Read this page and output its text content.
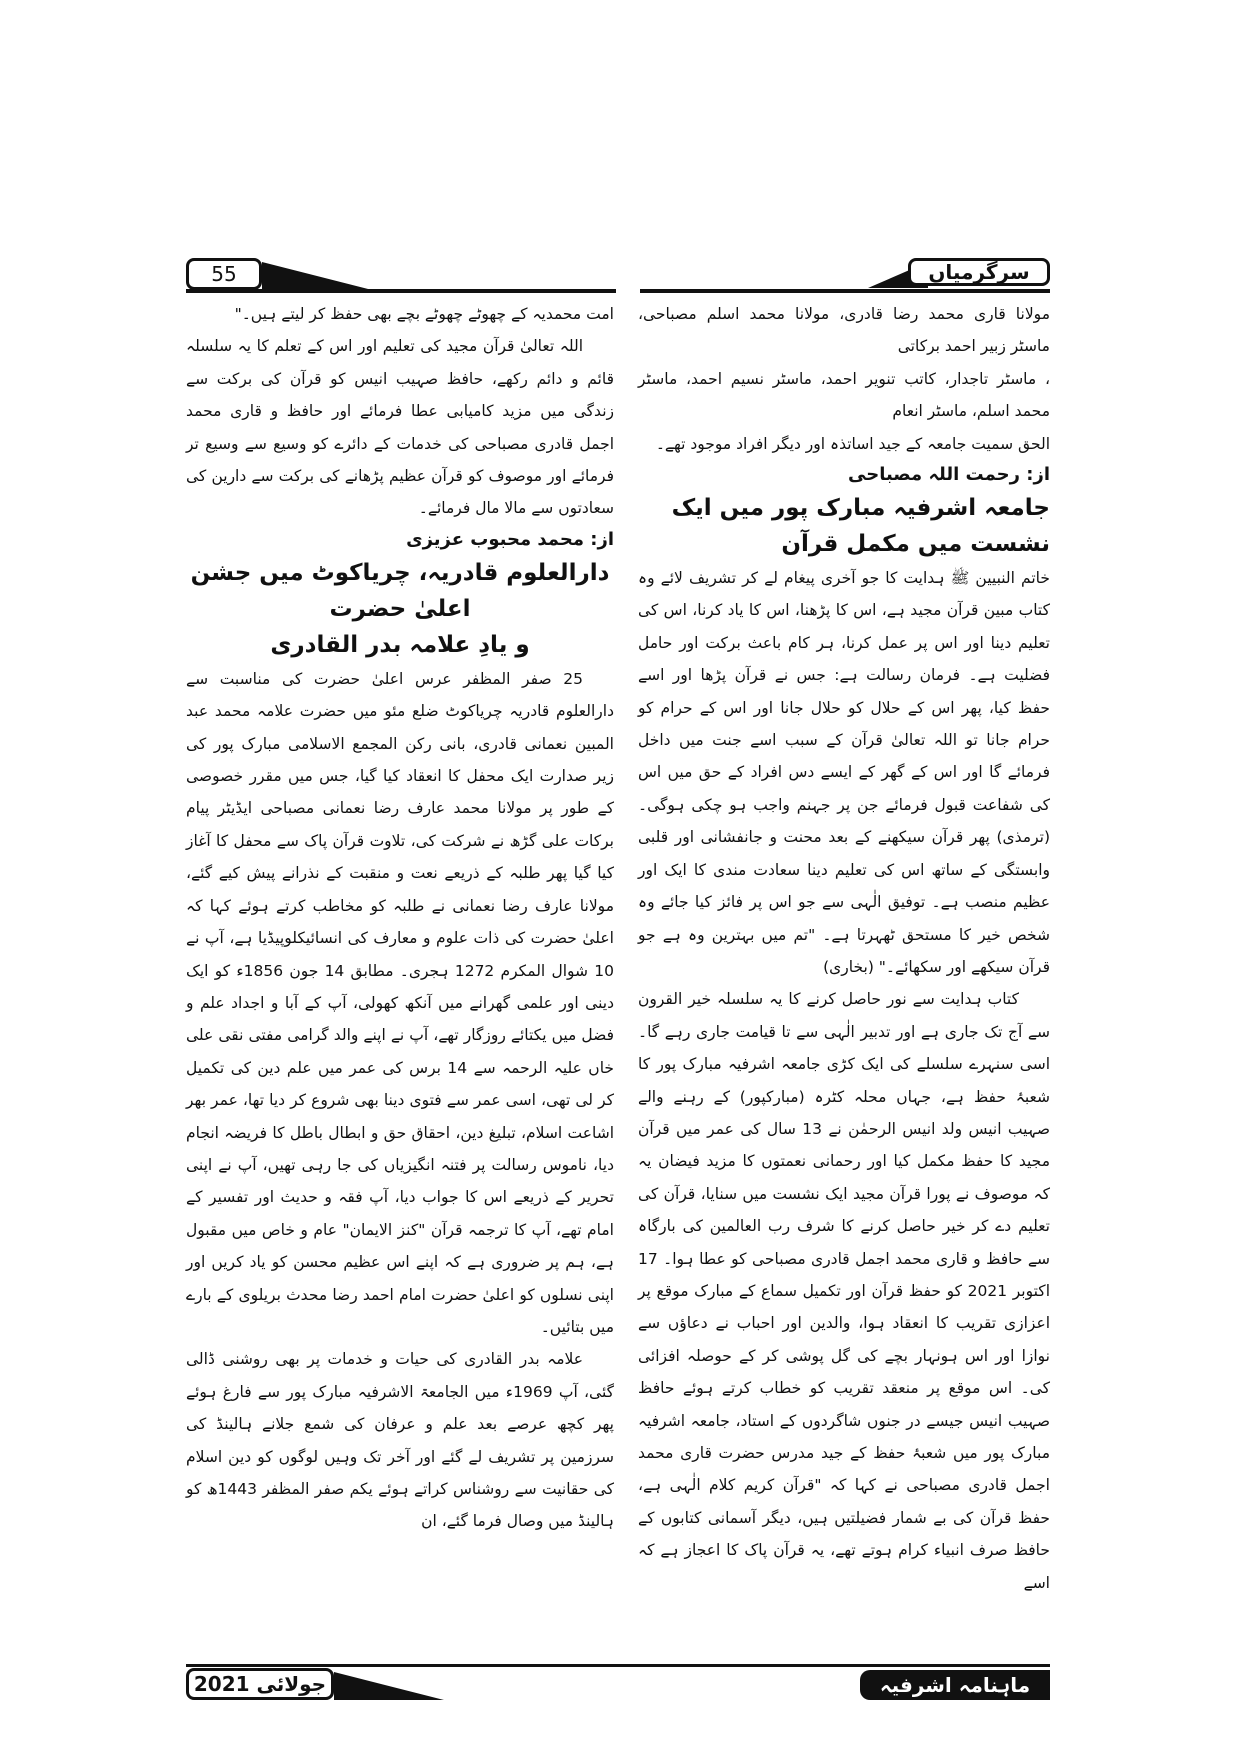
سرگرمیاں
55

مولانا قاری محمد رضا قادری، مولانا محمد اسلم مصباحی، ماسٹر زبیر احمد برکاتی

، ماسٹر تاجدار، کاتب تنویر احمد، ماسٹر نسیم احمد، ماسٹر محمد اسلم، ماسٹر انعام

الحق سمیت جامعہ کے جید اساتذہ اور دیگر افراد موجود تھے۔

از: رحمت اللہ مصباحی

جامعہ اشرفیہ مبارک پور میں ایک نشست میں مکمل قرآن

خاتم النبیین ﷺ ہدایت کا جو آخری پیغام لے کر تشریف لائے وہ کتاب مبین قرآن مجید ہے، اس کا پڑھنا، اس کا یاد کرنا، اس کی تعلیم دینا اور اس پر عمل کرنا، ہر کام باعث برکت اور حامل فضلیت ہے۔ فرمان رسالت ہے: جس نے قرآن پڑھا اور اسے حفظ کیا، پھر اس کے حلال کو حلال جانا اور اس کے حرام کو حرام جانا تو اللہ تعالیٰ قرآن کے سبب اسے جنت میں داخل فرمائے گا اور اس کے گھر کے ایسے دس افراد کے حق میں اس کی شفاعت قبول فرمائے جن پر جہنم واجب ہو چکی ہوگی۔ (ترمذی) پھر قرآن سیکھنے کے بعد محنت و جانفشانی اور قلبی وابستگی کے ساتھ اس کی تعلیم دینا سعادت مندی کا ایک اور عظیم منصب ہے۔ توفیق الٰہی سے جو اس پر فائز کیا جائے وہ شخص خیر کا مستحق ٹھہرتا ہے۔ "تم میں بہترین وہ ہے جو قرآن سیکھے اور سکھائے۔" (بخاری)

کتاب ہدایت سے نور حاصل کرنے کا یہ سلسلہ خیر القرون سے آج تک جاری ہے اور تدبیر الٰہی سے تا قیامت جاری رہے گا۔ اسی سنہرے سلسلے کی ایک کڑی جامعہ اشرفیہ مبارک پور کا شعبۂ حفظ ہے، جہاں محلہ کٹرہ (مبارکپور) کے رہنے والے صہیب انیس ولد انیس الرحمٰن نے 13 سال کی عمر میں قرآن مجید کا حفظ مکمل کیا اور رحمانی نعمتوں کا مزید فیضان یہ کہ موصوف نے پورا قرآن مجید ایک نشست میں سنایا، قرآن کی تعلیم دے کر خیر حاصل کرنے کا شرف رب العالمین کی بارگاہ سے حافظ و قاری محمد اجمل قادری مصباحی کو عطا ہوا۔ 17 اکتوبر 2021 کو حفظ قرآن اور تکمیل سماع کے مبارک موقع پر اعزازی تقریب کا انعقاد ہوا، والدین اور احباب نے دعاؤں سے نوازا اور اس ہونہار بچے کی گل پوشی کر کے حوصلہ افزائی کی۔ اس موقع پر منعقد تقریب کو خطاب کرتے ہوئے حافظ صہیب انیس جیسے در جنوں شاگردوں کے استاد، جامعہ اشرفیہ مبارک پور میں شعبۂ حفظ کے جید مدرس حضرت قاری محمد اجمل قادری مصباحی نے کہا کہ "قرآن کریم کلام الٰہی ہے، حفظ قرآن کی بے شمار فضیلتیں ہیں، دیگر آسمانی کتابوں کے حافظ صرف انبیاء کرام ہوتے تھے، یہ قرآن پاک کا اعجاز ہے کہ اسے

امت محمدیہ کے چھوٹے چھوٹے بچے بھی حفظ کر لیتے ہیں۔"

اللہ تعالیٰ قرآن مجید کی تعلیم اور اس کے تعلم کا یہ سلسلہ قائم و دائم رکھے، حافظ صہیب انیس کو قرآن کی برکت سے زندگی میں مزید کامیابی عطا فرمائے اور حافظ و قاری محمد اجمل قادری مصباحی کی خدمات کے دائرے کو وسیع سے وسیع تر فرمائے اور موصوف کو قرآن عظیم پڑھانے کی برکت سے دارین کی سعادتوں سے مالا مال فرمائے۔

از: محمد محبوب عزیزی

دارالعلوم قادریہ، چریاکوٹ میں جشن اعلیٰ حضرت

و یادِ علامہ بدر القادری

25 صفر المظفر عرس اعلیٰ حضرت کی مناسبت سے دارالعلوم قادریہ چریاکوٹ ضلع مئو میں حضرت علامہ محمد عبد المبین نعمانی قادری، بانی رکن المجمع الاسلامی مبارک پور کی زیر صدارت ایک محفل کا انعقاد کیا گیا، جس میں مقرر خصوصی کے طور پر مولانا محمد عارف رضا نعمانی مصباحی ایڈیٹر پیام برکات علی گڑھ نے شرکت کی، تلاوت قرآن پاک سے محفل کا آغاز کیا گیا پھر طلبہ کے ذریعے نعت و منقبت کے نذرانے پیش کیے گئے، مولانا عارف رضا نعمانی نے طلبہ کو مخاطب کرتے ہوئے کہا کہ اعلیٰ حضرت کی ذات علوم و معارف کی انسائیکلوپیڈیا ہے، آپ نے 10 شوال المکرم 1272 ہجری۔ مطابق 14 جون 1856ء کو ایک دینی اور علمی گھرانے میں آنکھ کھولی، آپ کے آبا و اجداد علم و فضل میں یکتائے روزگار تھے، آپ نے اپنے والد گرامی مفتی نقی علی خاں علیہ الرحمہ سے 14 برس کی عمر میں علم دین کی تکمیل کر لی تھی، اسی عمر سے فتوی دینا بھی شروع کر دیا تھا، عمر بھر اشاعت اسلام، تبلیغ دین، احقاق حق و ابطال باطل کا فریضہ انجام دیا، ناموس رسالت پر فتنہ انگیزیاں کی جا رہی تھیں، آپ نے اپنی تحریر کے ذریعے اس کا جواب دیا، آپ فقہ و حدیث اور تفسیر کے امام تھے، آپ کا ترجمہ قرآن "کنز الایمان" عام و خاص میں مقبول ہے، ہم پر ضروری ہے کہ اپنے اس عظیم محسن کو یاد کریں اور اپنی نسلوں کو اعلیٰ حضرت امام احمد رضا محدث بریلوی کے بارے میں بتائیں۔

علامہ بدر القادری کی حیات و خدمات پر بھی روشنی ڈالی گئی، آپ 1969ء میں الجامعۃ الاشرفیہ مبارک پور سے فارغ ہوئے پھر کچھ عرصے بعد علم و عرفان کی شمع جلانے ہالینڈ کی سرزمین پر تشریف لے گئے اور آخر تک وہیں لوگوں کو دین اسلام کی حقانیت سے روشناس کراتے ہوئے یکم صفر المظفر 1443ھ کو ہالینڈ میں وصال فرما گئے، ان

جولائی 2021	ماہنامہ اشرفیہ
